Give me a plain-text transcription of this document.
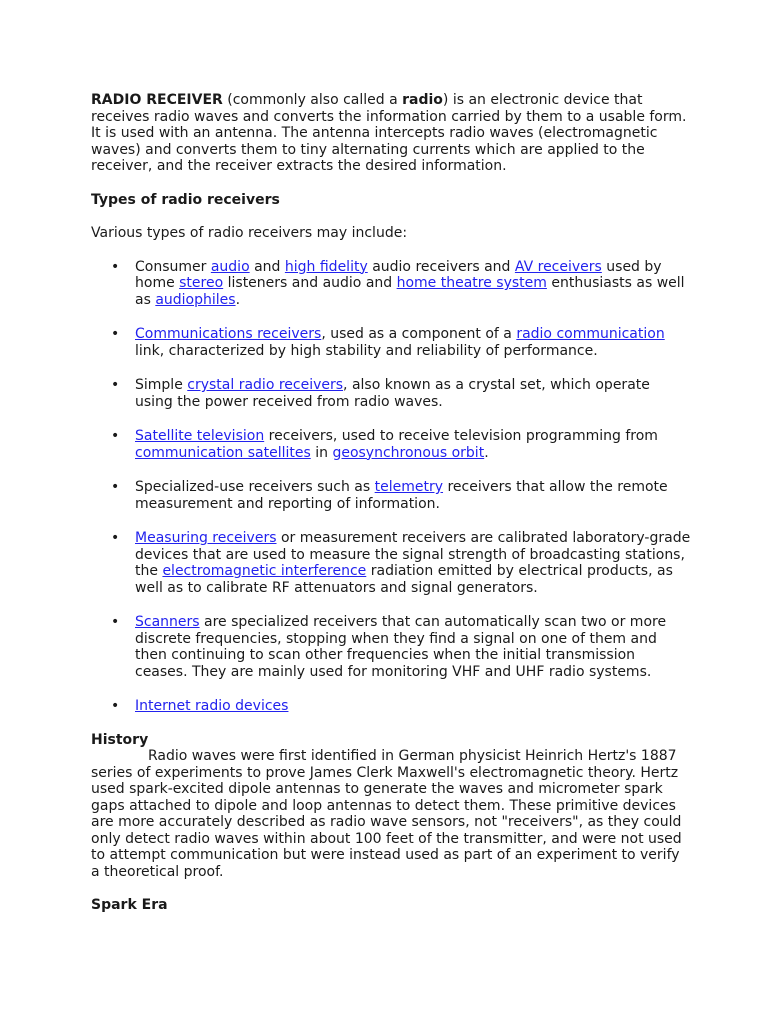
RADIO RECEIVER (commonly also called a radio) is an electronic device that receives radio waves and converts the information carried by them to a usable form. It is used with an antenna. The antenna intercepts radio waves (electromagnetic waves) and converts them to tiny alternating currents which are applied to the receiver, and the receiver extracts the desired information.

Types of radio receivers

Various types of radio receivers may include:

• Consumer audio and high fidelity audio receivers and AV receivers used by home stereo listeners and audio and home theatre system enthusiasts as well as audiophiles.
• Communications receivers, used as a component of a radio communication link, characterized by high stability and reliability of performance.
• Simple crystal radio receivers, also known as a crystal set, which operate using the power received from radio waves.
• Satellite television receivers, used to receive television programming from communication satellites in geosynchronous orbit.
• Specialized-use receivers such as telemetry receivers that allow the remote measurement and reporting of information.
• Measuring receivers or measurement receivers are calibrated laboratory-grade devices that are used to measure the signal strength of broadcasting stations, the electromagnetic interference radiation emitted by electrical products, as well as to calibrate RF attenuators and signal generators.
• Scanners are specialized receivers that can automatically scan two or more discrete frequencies, stopping when they find a signal on one of them and then continuing to scan other frequencies when the initial transmission ceases. They are mainly used for monitoring VHF and UHF radio systems.
• Internet radio devices

History

Radio waves were first identified in German physicist Heinrich Hertz's 1887 series of experiments to prove James Clerk Maxwell's electromagnetic theory. Hertz used spark-excited dipole antennas to generate the waves and micrometer spark gaps attached to dipole and loop antennas to detect them. These primitive devices are more accurately described as radio wave sensors, not "receivers", as they could only detect radio waves within about 100 feet of the transmitter, and were not used to attempt communication but were instead used as part of an experiment to verify a theoretical proof.

Spark Era
